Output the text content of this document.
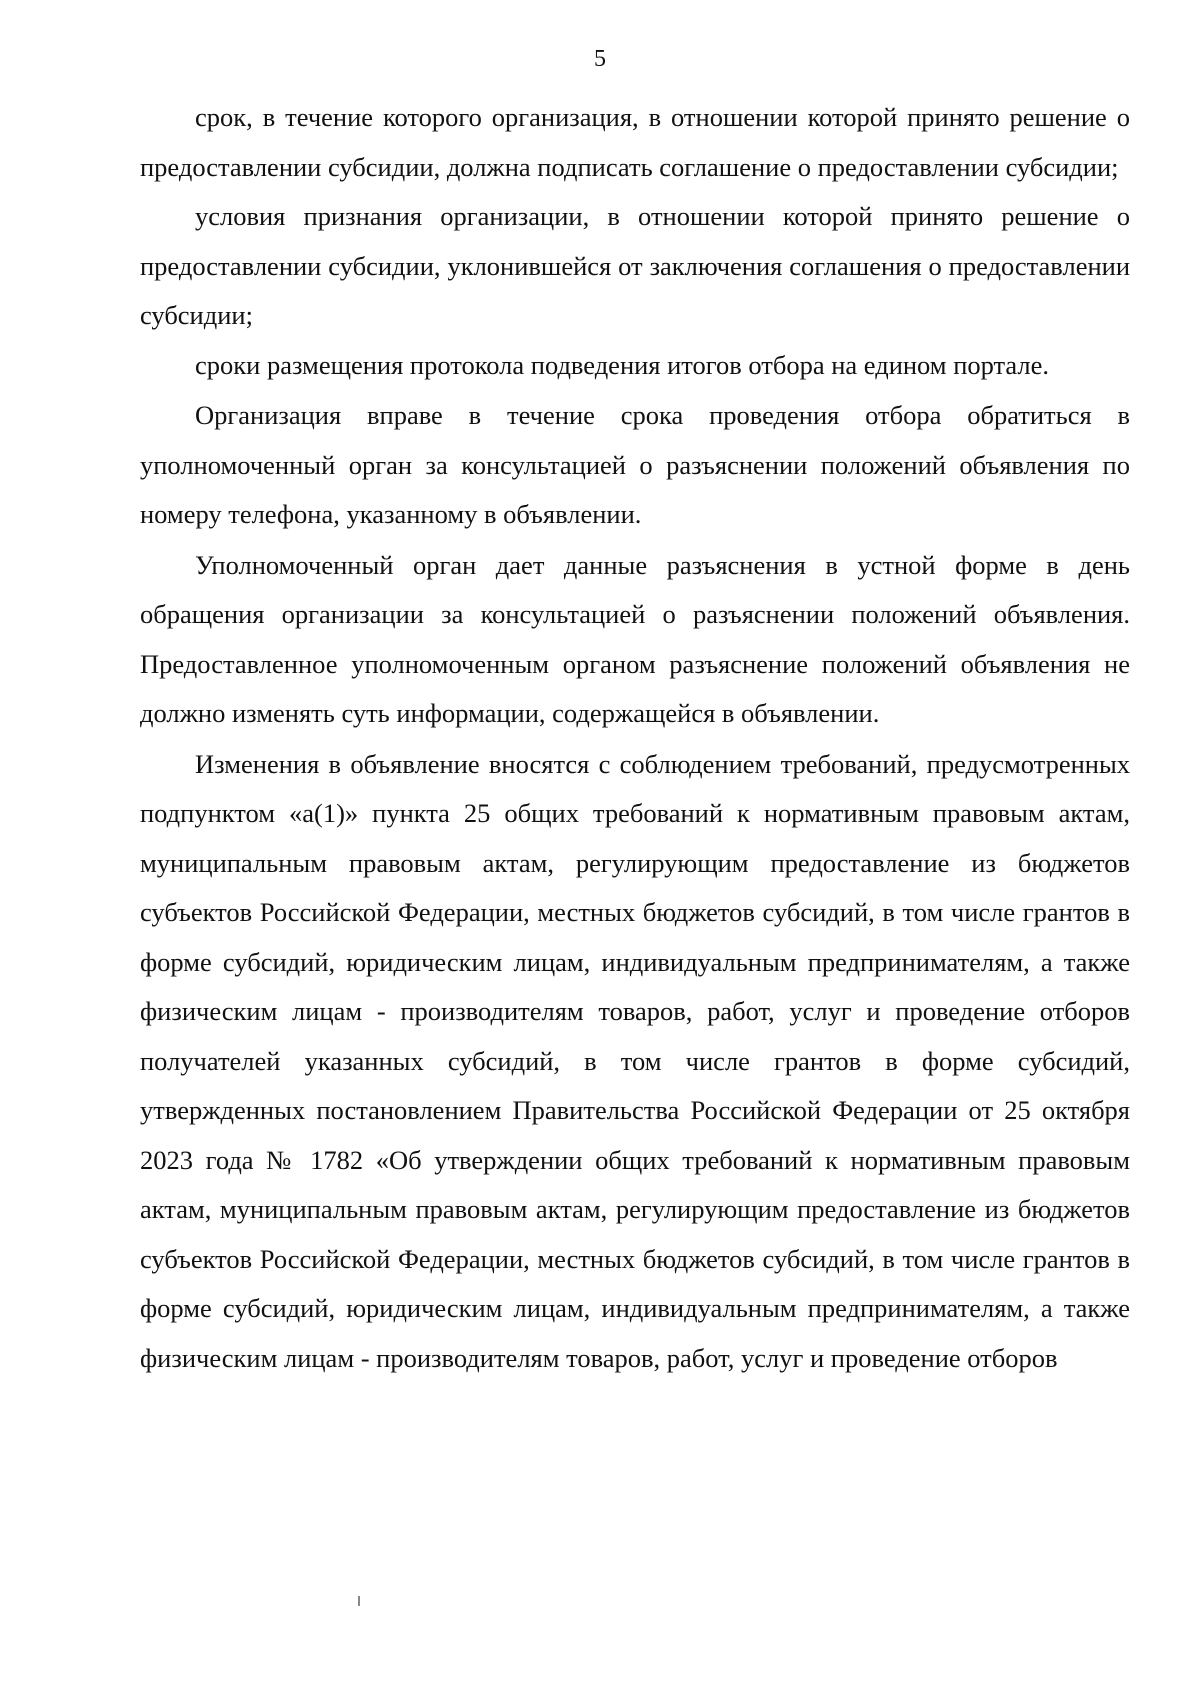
5

срок, в течение которого организация, в отношении которой принято решение о предоставлении субсидии, должна подписать соглашение о предоставлении субсидии;

условия признания организации, в отношении которой принято решение о предоставлении субсидии, уклонившейся от заключения соглашения о предоставлении субсидии;

сроки размещения протокола подведения итогов отбора на едином портале.

Организация вправе в течение срока проведения отбора обратиться в уполномоченный орган за консультацией о разъяснении положений объявления по номеру телефона, указанному в объявлении.

Уполномоченный орган дает данные разъяснения в устной форме в день обращения организации за консультацией о разъяснении положений объявления. Предоставленное уполномоченным органом разъяснение положений объявления не должно изменять суть информации, содержащейся в объявлении.

Изменения в объявление вносятся с соблюдением требований, предусмотренных подпунктом «а(1)» пункта 25 общих требований к нормативным правовым актам, муниципальным правовым актам, регулирующим предоставление из бюджетов субъектов Российской Федерации, местных бюджетов субсидий, в том числе грантов в форме субсидий, юридическим лицам, индивидуальным предпринимателям, а также физическим лицам - производителям товаров, работ, услуг и проведение отборов получателей указанных субсидий, в том числе грантов в форме субсидий, утвержденных постановлением Правительства Российской Федерации от 25 октября 2023 года № 1782 «Об утверждении общих требований к нормативным правовым актам, муниципальным правовым актам, регулирующим предоставление из бюджетов субъектов Российской Федерации, местных бюджетов субсидий, в том числе грантов в форме субсидий, юридическим лицам, индивидуальным предпринимателям, а также физическим лицам - производителям товаров, работ, услуг и проведение отборов
